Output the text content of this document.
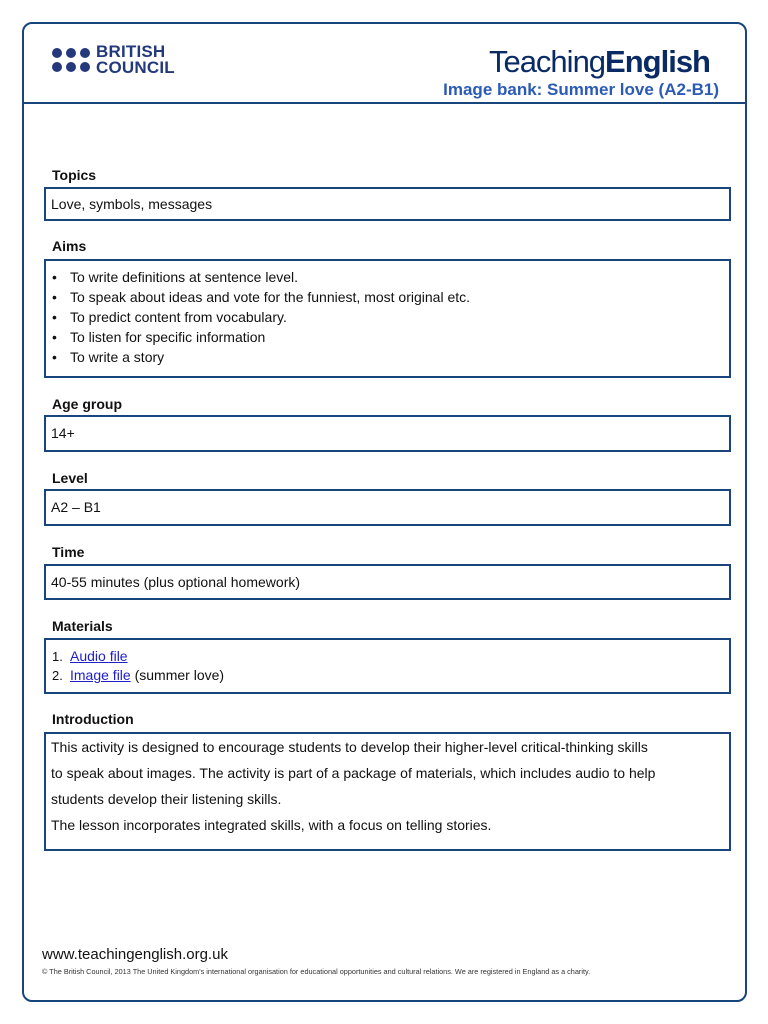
BRITISH
COUNCIL	TeachingEnglish
Image bank: Summer love (A2-B1)
Topics
Love, symbols, messages
Aims
• To write definitions at sentence level.
• To speak about ideas and vote for the funniest, most original etc.
• To predict content from vocabulary.
• To listen for specific information
• To write a story
Age group
14+
Level
A2 – B1
Time
40-55 minutes (plus optional homework)
Materials
1. Audio file
2. Image file (summer love)
Introduction

This activity is designed to encourage students to develop their higher-level critical-thinking skills

to speak about images. The activity is part of a package of materials, which includes audio to help

students develop their listening skills.

The lesson incorporates integrated skills, with a focus on telling stories.

www.teachingenglish.org.uk
© The British Council, 2013 The United Kingdom's international organisation for educational opportunities and cultural relations. We are registered in England as a charity.
